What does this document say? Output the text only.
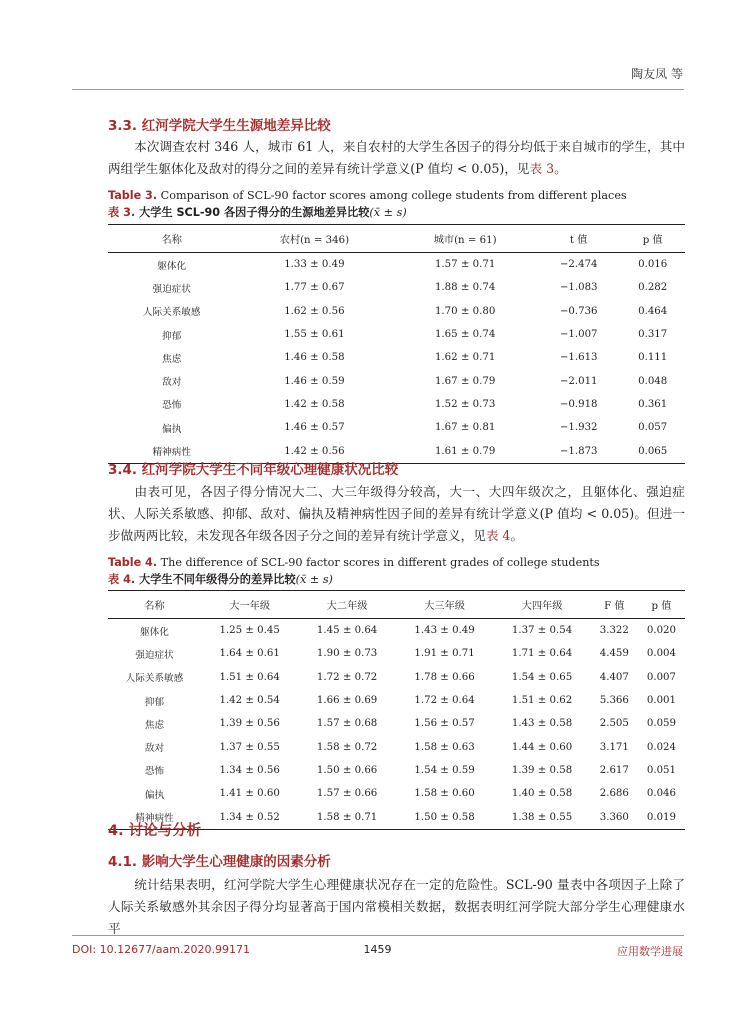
陶友凤 等
3.3. 红河学院大学生生源地差异比较
本次调查农村 346 人，城市 61 人，来自农村的大学生各因子的得分均低于来自城市的学生，其中两组学生躯体化及敌对的得分之间的差异有统计学意义(P 值均 < 0.05)，见表 3。
Table 3. Comparison of SCL-90 factor scores among college students from different places
表 3. 大学生 SCL-90 各因子得分的生源地差异比较(x̄ ± s)
名称	农村(n = 346)	城市(n = 61)	t 值	p 值
躯体化	1.33 ± 0.49	1.57 ± 0.71	−2.474	0.016
强迫症状	1.77 ± 0.67	1.88 ± 0.74	−1.083	0.282
人际关系敏感	1.62 ± 0.56	1.70 ± 0.80	−0.736	0.464
抑郁	1.55 ± 0.61	1.65 ± 0.74	−1.007	0.317
焦虑	1.46 ± 0.58	1.62 ± 0.71	−1.613	0.111
敌对	1.46 ± 0.59	1.67 ± 0.79	−2.011	0.048
恐怖	1.42 ± 0.58	1.52 ± 0.73	−0.918	0.361
偏执	1.46 ± 0.57	1.67 ± 0.81	−1.932	0.057
精神病性	1.42 ± 0.56	1.61 ± 0.79	−1.873	0.065
3.4. 红河学院大学生不同年级心理健康状况比较
由表可见，各因子得分情况大二、大三年级得分较高，大一、大四年级次之，且躯体化、强迫症状、人际关系敏感、抑郁、敌对、偏执及精神病性因子间的差异有统计学意义(P 值均 < 0.05)。但进一步做两两比较，未发现各年级各因子分之间的差异有统计学意义，见表 4。
Table 4. The difference of SCL-90 factor scores in different grades of college students
表 4. 大学生不同年级得分的差异比较(x̄ ± s)
名称	大一年级	大二年级	大三年级	大四年级	F 值	p 值
躯体化	1.25 ± 0.45	1.45 ± 0.64	1.43 ± 0.49	1.37 ± 0.54	3.322	0.020
强迫症状	1.64 ± 0.61	1.90 ± 0.73	1.91 ± 0.71	1.71 ± 0.64	4.459	0.004
人际关系敏感	1.51 ± 0.64	1.72 ± 0.72	1.78 ± 0.66	1.54 ± 0.65	4.407	0.007
抑郁	1.42 ± 0.54	1.66 ± 0.69	1.72 ± 0.64	1.51 ± 0.62	5.366	0.001
焦虑	1.39 ± 0.56	1.57 ± 0.68	1.56 ± 0.57	1.43 ± 0.58	2.505	0.059
敌对	1.37 ± 0.55	1.58 ± 0.72	1.58 ± 0.63	1.44 ± 0.60	3.171	0.024
恐怖	1.34 ± 0.56	1.50 ± 0.66	1.54 ± 0.59	1.39 ± 0.58	2.617	0.051
偏执	1.41 ± 0.60	1.57 ± 0.66	1.58 ± 0.60	1.40 ± 0.58	2.686	0.046
精神病性	1.34 ± 0.52	1.58 ± 0.71	1.50 ± 0.58	1.38 ± 0.55	3.360	0.019
4. 讨论与分析
4.1. 影响大学生心理健康的因素分析
统计结果表明，红河学院大学生心理健康状况存在一定的危险性。SCL-90 量表中各项因子上除了人际关系敏感外其余因子得分均显著高于国内常模相关数据，数据表明红河学院大部分学生心理健康水平
DOI: 10.12677/aam.2020.99171	1459	应用数学进展
